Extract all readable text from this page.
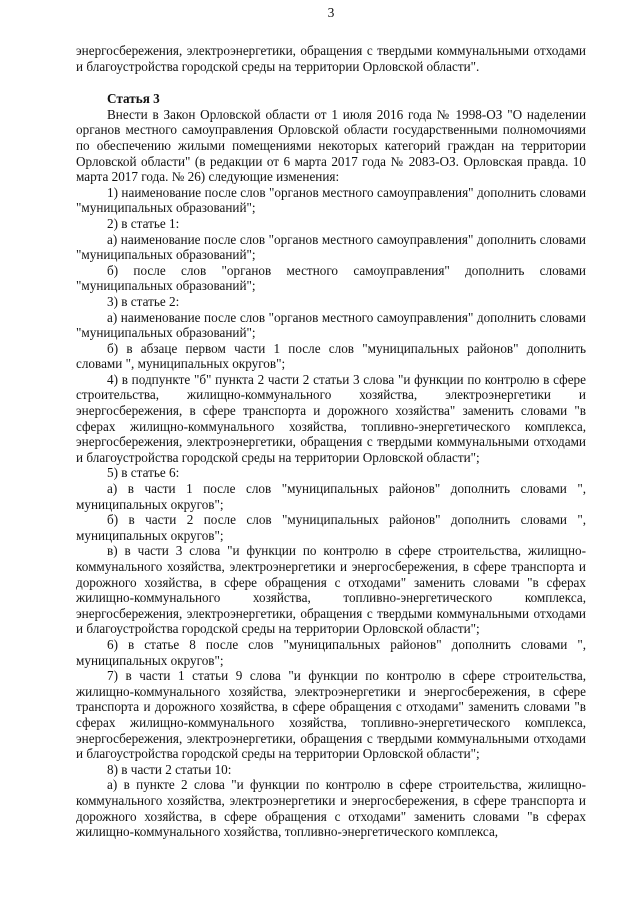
3

энергосбережения, электроэнергетики, обращения с твердыми коммунальными отходами и благоустройства городской среды на территории Орловской области".

Статья 3

Внести в Закон Орловской области от 1 июля 2016 года № 1998-ОЗ "О наделении органов местного самоуправления Орловской области государственными полномочиями по обеспечению жилыми помещениями некоторых категорий граждан на территории Орловской области" (в редакции от 6 марта 2017 года № 2083-ОЗ. Орловская правда. 10 марта 2017 года. № 26) следующие изменения:

1) наименование после слов "органов местного самоуправления" дополнить словами "муниципальных образований";

2) в статье 1:

а) наименование после слов "органов местного самоуправления" дополнить словами "муниципальных образований";

б) после слов "органов местного самоуправления" дополнить словами "муниципальных образований";

3) в статье 2:

а) наименование после слов "органов местного самоуправления" дополнить словами "муниципальных образований";

б) в абзаце первом части 1 после слов "муниципальных районов" дополнить словами ", муниципальных округов";

4) в подпункте "б" пункта 2 части 2 статьи 3 слова "и функции по контролю в сфере строительства, жилищно-коммунального хозяйства, электроэнергетики и энергосбережения, в сфере транспорта и дорожного хозяйства" заменить словами "в сферах жилищно-коммунального хозяйства, топливно-энергетического комплекса, энергосбережения, электроэнергетики, обращения с твердыми коммунальными отходами и благоустройства городской среды на территории Орловской области";

5) в статье 6:

а) в части 1 после слов "муниципальных районов" дополнить словами ", муниципальных округов";

б) в части 2 после слов "муниципальных районов" дополнить словами ", муниципальных округов";

в) в части 3 слова "и функции по контролю в сфере строительства, жилищно-коммунального хозяйства, электроэнергетики и энергосбережения, в сфере транспорта и дорожного хозяйства, в сфере обращения с отходами" заменить словами "в сферах жилищно-коммунального хозяйства, топливно-энергетического комплекса, энергосбережения, электроэнергетики, обращения с твердыми коммунальными отходами и благоустройства городской среды на территории Орловской области";

6) в статье 8 после слов "муниципальных районов" дополнить словами ", муниципальных округов";

7) в части 1 статьи 9 слова "и функции по контролю в сфере строительства, жилищно-коммунального хозяйства, электроэнергетики и энергосбережения, в сфере транспорта и дорожного хозяйства, в сфере обращения с отходами" заменить словами "в сферах жилищно-коммунального хозяйства, топливно-энергетического комплекса, энергосбережения, электроэнергетики, обращения с твердыми коммунальными отходами и благоустройства городской среды на территории Орловской области";

8) в части 2 статьи 10:

а) в пункте 2 слова "и функции по контролю в сфере строительства, жилищно-коммунального хозяйства, электроэнергетики и энергосбережения, в сфере транспорта и дорожного хозяйства, в сфере обращения с отходами" заменить словами "в сферах жилищно-коммунального хозяйства, топливно-энергетического комплекса,
